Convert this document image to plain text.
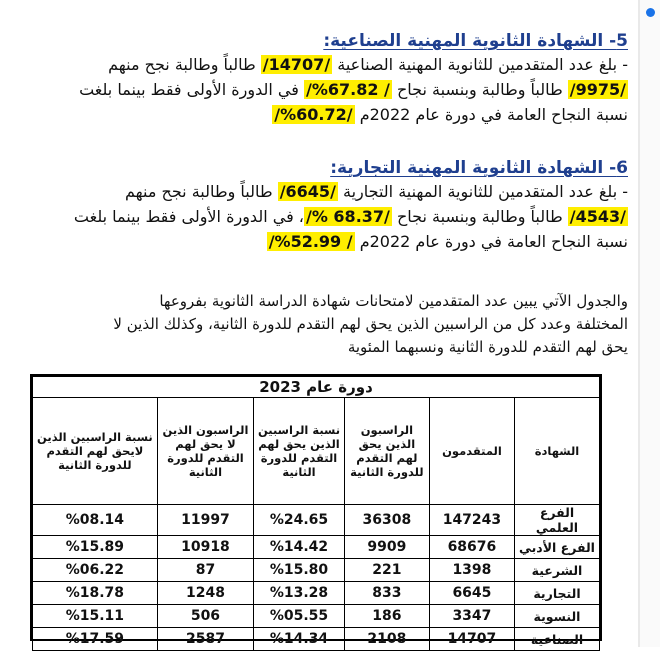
5- الشهادة الثانوية المهنية الصناعية:
- بلغ عدد المتقدمين للثانوية المهنية الصناعية /14707/ طالباً وطالبة نجح منهم
/9975/ طالباً وطالبة وبنسبة نجاح / 67.82%/ في الدورة الأولى فقط بينما بلغت
نسبة النجاح العامة في دورة عام 2022م /60.72%/
6- الشهادة الثانوية المهنية التجارية:
- بلغ عدد المتقدمين للثانوية المهنية التجارية /6645/ طالباً وطالبة نجح منهم
/4543/ طالباً وطالبة وبنسبة نجاح /68.37 %/، في الدورة الأولى فقط بينما بلغت
نسبة النجاح العامة في دورة عام 2022م / 52.99%/
والجدول الآتي يبين عدد المتقدمين لامتحانات شهادة الدراسة الثانوية بفروعها
المختلفة وعدد كل من الراسبين الذين يحق لهم التقدم للدورة الثانية، وكذلك الذين لا
يحق لهم التقدم للدورة الثانية ونسبهما المئوية
دورة عام 2023					
الشهادة	المتقدمون	الراسبون الذين يحق لهم التقدم للدورة الثانية	نسبة الراسبين الذين يحق لهم التقدم للدورة الثانية	الراسبون الذين لا يحق لهم التقدم للدورة الثانية	نسبة الراسبين الذين لايحق لهم التقدم للدورة الثانية
الفرع العلمي	147243	36308	%24.65	11997	%08.14
الفرع الأدبي	68676	9909	%14.42	10918	%15.89
الشرعية	1398	221	%15.80	87	%06.22
التجارية	6645	833	%13.28	1248	%18.78
النسوية	3347	186	%05.55	506	%15.11
الصناعية	14707	2108	%14.34	2587	%17.59
